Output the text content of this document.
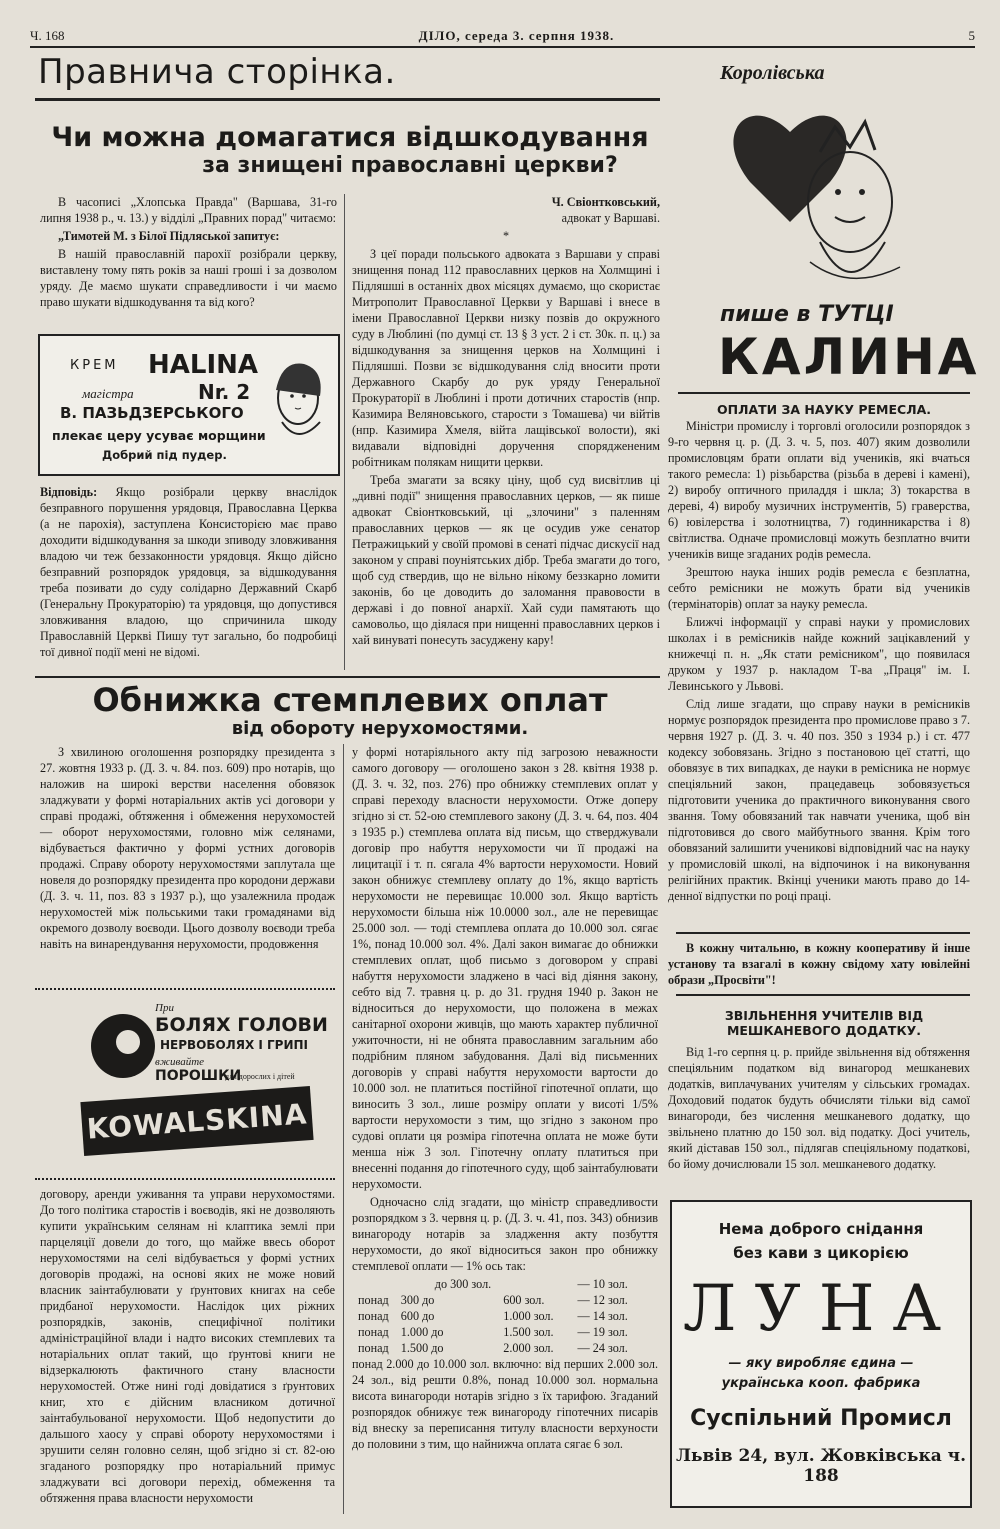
Ч. 168	ДІЛО, середа 3. серпня 1938.	5
Правнича сторінка.
Чи можна домагатися відшкодування
за знищені православні церкви?

В часописі „Хлопська Правда" (Варшава, 31-го липня 1938 р., ч. 13.) у відділі „Правних порад" читаємо:

„Тимотей М. з Білої Підляської запитує:

В нашій православній парохії розібрали церкву, виставлену тому пять років за наші гроші і за дозволом уряду. Де маємо шукати справедливости і чи маємо право шукати відшкодування та від кого?

КРЕМ HALINA
магістра	Nr. 2
В. ПАЗЬДЗЕРСЬКОГО
плекає цеpу усуває морщини
Добрий під пудер.

Відповідь: Якщо розібрали церкву внаслідок безправного порушення урядовця, Православна Церква (а не парохія), заступлена Консисторією має право доходити відшкодування за шкоди зпиводу зловживання владою чи теж беззаконности урядовця. Якщо дійсно безправний розпорядок урядовця, за відшкодування треба позивати до суду солідарно Державний Скарб (Генеральну Прокураторію) та урядовця, що допустився зловживання владою, що спричинила шкоду Православній Церкві Пишу тут загально, бо подробиці тої дивної події мені не відомі.

Ч. Свіонтковський,
адвокат у Варшаві.

*

З цеї поради польського адвоката з Варшави у справі знищення понад 112 православних церков на Холмщині і Підляшші в останніх двох місяцях думаємо, що скористає Митрополит Православної Церкви у Варшаві і внесе в імени Православної Церкви низку позвів до окружного суду в Люблині (по думці ст. 13 § 3 уст. 2 і ст. 30к. п. ц.) за відшкодування за знищення церков на Холмщині і Підляшші. Позви зє відшкодування слід вносити проти Державного Скарбу до рук уряду Генеральної Прокураторії в Люблині і проти дотичних старостів (нпр. Казимира Веляновського, старости з Томашева) чи війтів (нпр. Казимира Хмеля, війта лащівської волости), які видавали відповідні доручення споряджененим робітникам полякам нищити церкви.

Треба змагати за всяку ціну, щоб суд висвітлив ці „дивні події" знищення православних церков, — як пише адвокат Свіонтковський, ці „злочини" з паленням православних церков — як це осудив уже сенатор Петражицький у своїй промові в сенаті підчас дискусії над законом у справі поуніятських дібр. Треба змагати до того, щоб суд ствердив, що не вільно нікому беззкарно ломити законів, бо це доводить до заломання правовости в державі і до повної анархії. Хай суди памятають що самовольо, що діялася при нищенні православних церков і хай винуваті понесуть засуджену кару!

Обнижка стемплевих оплат
від обороту нерухомостями.

З хвилиною оголошення розпорядку президента з 27. жовтня 1933 р. (Д. З. ч. 84. поз. 609) про нотарів, що наложив на широкі верстви населення обовязок зладжувати у формі нотаріальних актів усі договори у справі продажі, обтяження і обмеження нерухомостей — оборот нерухомостями, головно між селянами, відбувається фактично у формі устних договорів продажі. Справу обороту нерухомостями заплутала ще новеля до розпорядку президента про кородони держави (Д. З. ч. 11, поз. 83 з 1937 р.), що узалежнила продаж нерухомостей між польськими таки громадянами від окремого дозволу воєводи. Цього дозволу воєводи треба навіть на винарендування нерухомости, продовження

При
БОЛЯХ ГОЛОВИ
НЕРВОБОЛЯХ І ГРИПІ
вживайте
ПОРОШКИ
для дорослих і дітей
KOWALSKINA

договору, аренди уживання та управи нерухомостями. До того політика старостів і воєводів, які не дозволяють купити українським селянам ні клаптика землі при парцеляції довели до того, що майже ввесь оборот нерухомостями на селі відбувається у формі устних договорів продажі, на основі яких не може новий власник заінтабулювати у ґрунтових книгах на себе придбаної нерухомости. Наслідок цих ріжних розпорядків, законів, специфічної політики адміністраційної влади і надто високих стемплевих та нотаріальних оплат такий, що ґрунтові книги не відзеркалюють фактичного стану власности нерухомостей. Отже нині годі довідатися з ґрунтових книг, хто є дійсним власником дотичної заінтабульованої нерухомости. Щоб недопустити до дальшого хаосу у справі обороту нерухомостями і зрушити селян головно селян, щоб згідно зі ст. 82-ою згаданого розпорядку про нотаріальний примус зладжувати всі договори перехід, обмеження та обтяження права власности нерухомости

у формі нотаріяльного акту під загрозою неважности самого договору — оголошено закон з 28. квітня 1938 р. (Д. З. ч. 32, поз. 276) про обнижку стемплевих оплат у справі переходу власности нерухомости. Отже доперу згідно зі ст. 52-ою стемплевого закону (Д. З. ч. 64, поз. 404 з 1935 р.) стемплева оплата від письм, що стверджували договір про набуття нерухомости чи її продажі на лицитації і т. п. сягала 4% вартости нерухомости. Новий закон обнижує стемплеву оплату до 1%, якщо вартість нерухомости не перевищає 10.000 зол. Якщо вартість нерухомости більша ніж 10.0000 зол., але не перевищає 25.000 зол. — тоді стемплева оплата до 10.000 зол. сягає 1%, понад 10.000 зол. 4%. Далі закон вимагає до обнижки стемплевих оплат, щоб письмо з договором у справі набуття нерухомости зладжено в часі від діяння закону, себто від 7. травня ц. р. до 31. грудня 1940 р. Закон не відноситься до нерухомости, що положена в межах санітарної охорони живців, що мають характер публичної ужиточности, ні не обнята православним загальним або подрібним пляном забудовання. Далі від письменних договорів у справі набуття нерухомости вартости до 10.000 зол. не платиться постійної гіпотечної оплати, що виносить 3 зол., лише розміру оплати у висоті 1/5% вартости нерухомости з тим, що згідно з законом про судові оплати ця розміра гіпотечна оплата не може бути менша ніж 3 зол. Гіпотечну оплату платиться при внесенні подання до гіпотечного суду, щоб заінтабулювати нерухомости.

Одночасно слід згадати, що міністр справедливости розпорядком з 3. червня ц. р. (Д. З. ч. 41, поз. 343) обнизив винагороду нотарів за зладження акту позбуття нерухомости, до якої відноситься закон про обнижку стемплевої оплати — 1% ось так:

	до 300 зол.			— 10 зол.
понад	300 до	600 зол.		— 12 зол.
понад	600 до	1.000 зол.		— 14 зол.
понад	1.000 до	1.500 зол.		— 19 зол.
понад	1.500 до	2.000 зол.		— 24 зол.

понад 2.000 до 10.000 зол. включно: від перших 2.000 зол. 24 зол., від решти 0.8%, понад 10.000 зол. нормальна висота винагороди нотарів згідно з їх тарифою. Згаданий розпорядок обнижує теж винагороду гіпотечних писарів від внеску за переписання титулу власности верхуности до половини з тим, що найнижча оплата сягає 6 зол.

Королівська
пише в ТУТЦІ
КАЛИНА
ОПЛАТИ ЗА НАУКУ РЕМЕСЛА.

Міністри промислу і торговлі оголосили розпорядок з 9-го червня ц. р. (Д. З. ч. 5, поз. 407) яким дозволили промисловцям брати оплати від учеників, які вчаться такого ремесла: 1) різьбарства (різьба в дереві і камені), 2) виробу оптичного приладдя і шкла; 3) токарства в дереві, 4) виробу музичних інструментів, 5) граверства, 6) ювілерства і золотництва, 7) годинникарства і 8) світлиства. Одначе промисловці можуть безплатно вчити учеників вище згаданих родів ремесла.

Зрештою наука інших родів ремесла є безплатна, себто ремісники не можуть брати від учеників (термінаторів) оплат за науку ремесла.

Ближчі інформації у справі науки у промислових школах і в ремісників найде кожний зацікавлений у книжечці п. н. „Як стати ремісником", що появилася друком у 1937 р. накладом Т-ва „Праця" ім. І. Левинського у Львові.

Слід лише згадати, що справу науки в ремісників нормує розпорядок президента про промислове право з 7. червня 1927 р. (Д. З. ч. 40 поз. 350 з 1934 р.) і ст. 477 кодексу зобовязань. Згідно з постановою цеї статті, що обовязує в тих випадках, де науки в ремісника не нормує спеціяльний закон, працедавець зобовязується підготовити ученика до практичного виконування свого звання. Тому обовязаний так навчати ученика, щоб він підготовився до свого майбутнього звання. Крім того обовязаний залишити ученикові відповідний час на науку у промисловій школі, на відпочинок і на виконування релігійних практик. Вкінці ученики мають право до 14-денної відпустки по році праці.

В кожну читальню, в кожну кооперативу й інше установу та взагалі в кожну свідому хату ювілейні образи „Просвіти"!

ЗВІЛЬНЕННЯ УЧИТЕЛІВ ВІД МЕШКАНЕВОГО ДОДАТКУ.

Від 1-го серпня ц. р. прийде звільнення від обтяження спеціяльним податком від винагород мешканевих додатків, виплачуваних учителям у сільських громадах. Доходовий податок будуть обчисляти тільки від самої винагороди, без числення мешканевого додатку, що звільнено платню до 150 зол. від податку. Досі учитель, який діставав 150 зол., підлягав спеціяльному податкові, бо йому дочислювали 15 зол. мешканевого додатку.

Нема доброго снідання
без кави з цикорією
ЛУНА
— яку виробляє єдина —
українська кооп. фабрика
Суспільний Промисл
Львів 24, вул. Жовківська ч. 188
